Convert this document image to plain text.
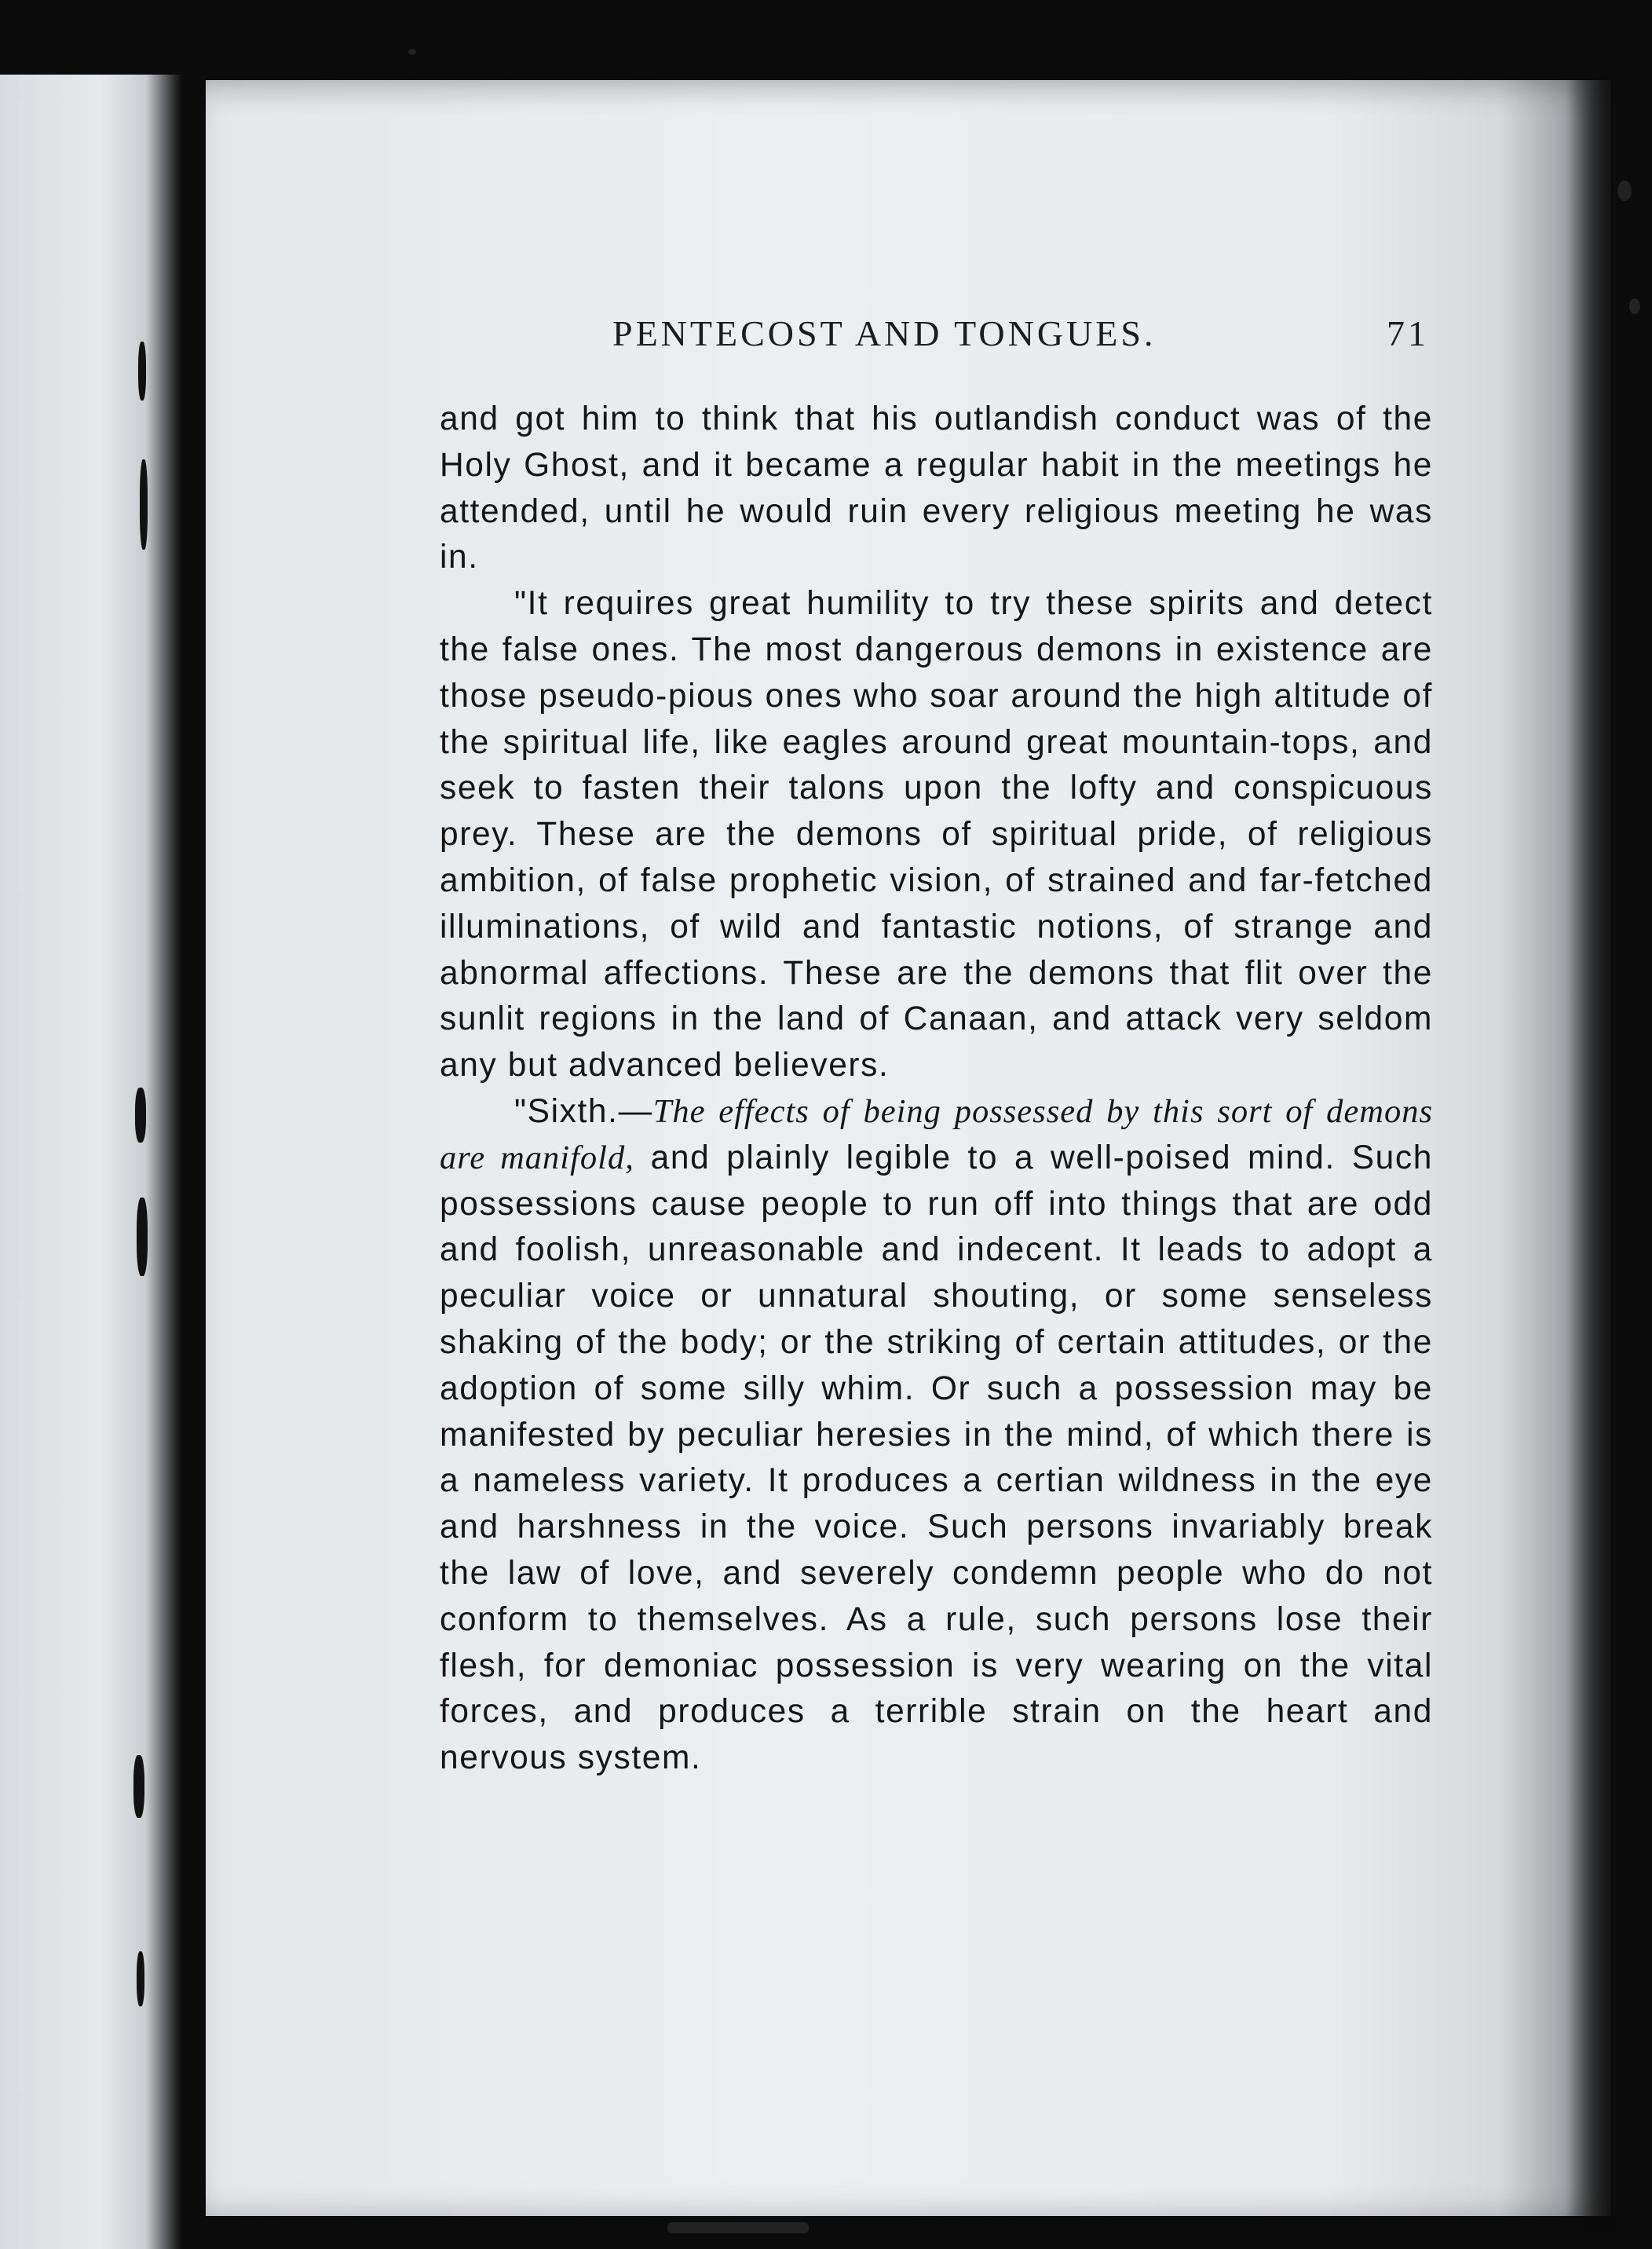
PENTECOST AND TONGUES.	71

and got him to think that his outlandish conduct was of the Holy Ghost, and it became a regular habit in the meetings he attended, until he would ruin every religious meeting he was in.

"It requires great humility to try these spirits and detect the false ones. The most dangerous demons in existence are those pseudo-pious ones who soar around the high altitude of the spiritual life, like eagles around great mountain-tops, and seek to fasten their talons upon the lofty and conspicuous prey. These are the demons of spiritual pride, of religious ambition, of false prophetic vision, of strained and far-fetched illuminations, of wild and fantastic notions, of strange and abnormal affections. These are the demons that flit over the sunlit regions in the land of Canaan, and attack very seldom any but advanced believers.

"Sixth.—The effects of being possessed by this sort of demons are manifold, and plainly legible to a well-poised mind. Such possessions cause people to run off into things that are odd and foolish, unreasonable and indecent. It leads to adopt a peculiar voice or unnatural shouting, or some senseless shaking of the body; or the striking of certain attitudes, or the adoption of some silly whim. Or such a possession may be manifested by peculiar heresies in the mind, of which there is a nameless variety. It produces a certian wildness in the eye and harshness in the voice. Such persons invariably break the law of love, and severely condemn people who do not conform to themselves. As a rule, such persons lose their flesh, for demoniac possession is very wearing on the vital forces, and produces a terrible strain on the heart and nervous system.
